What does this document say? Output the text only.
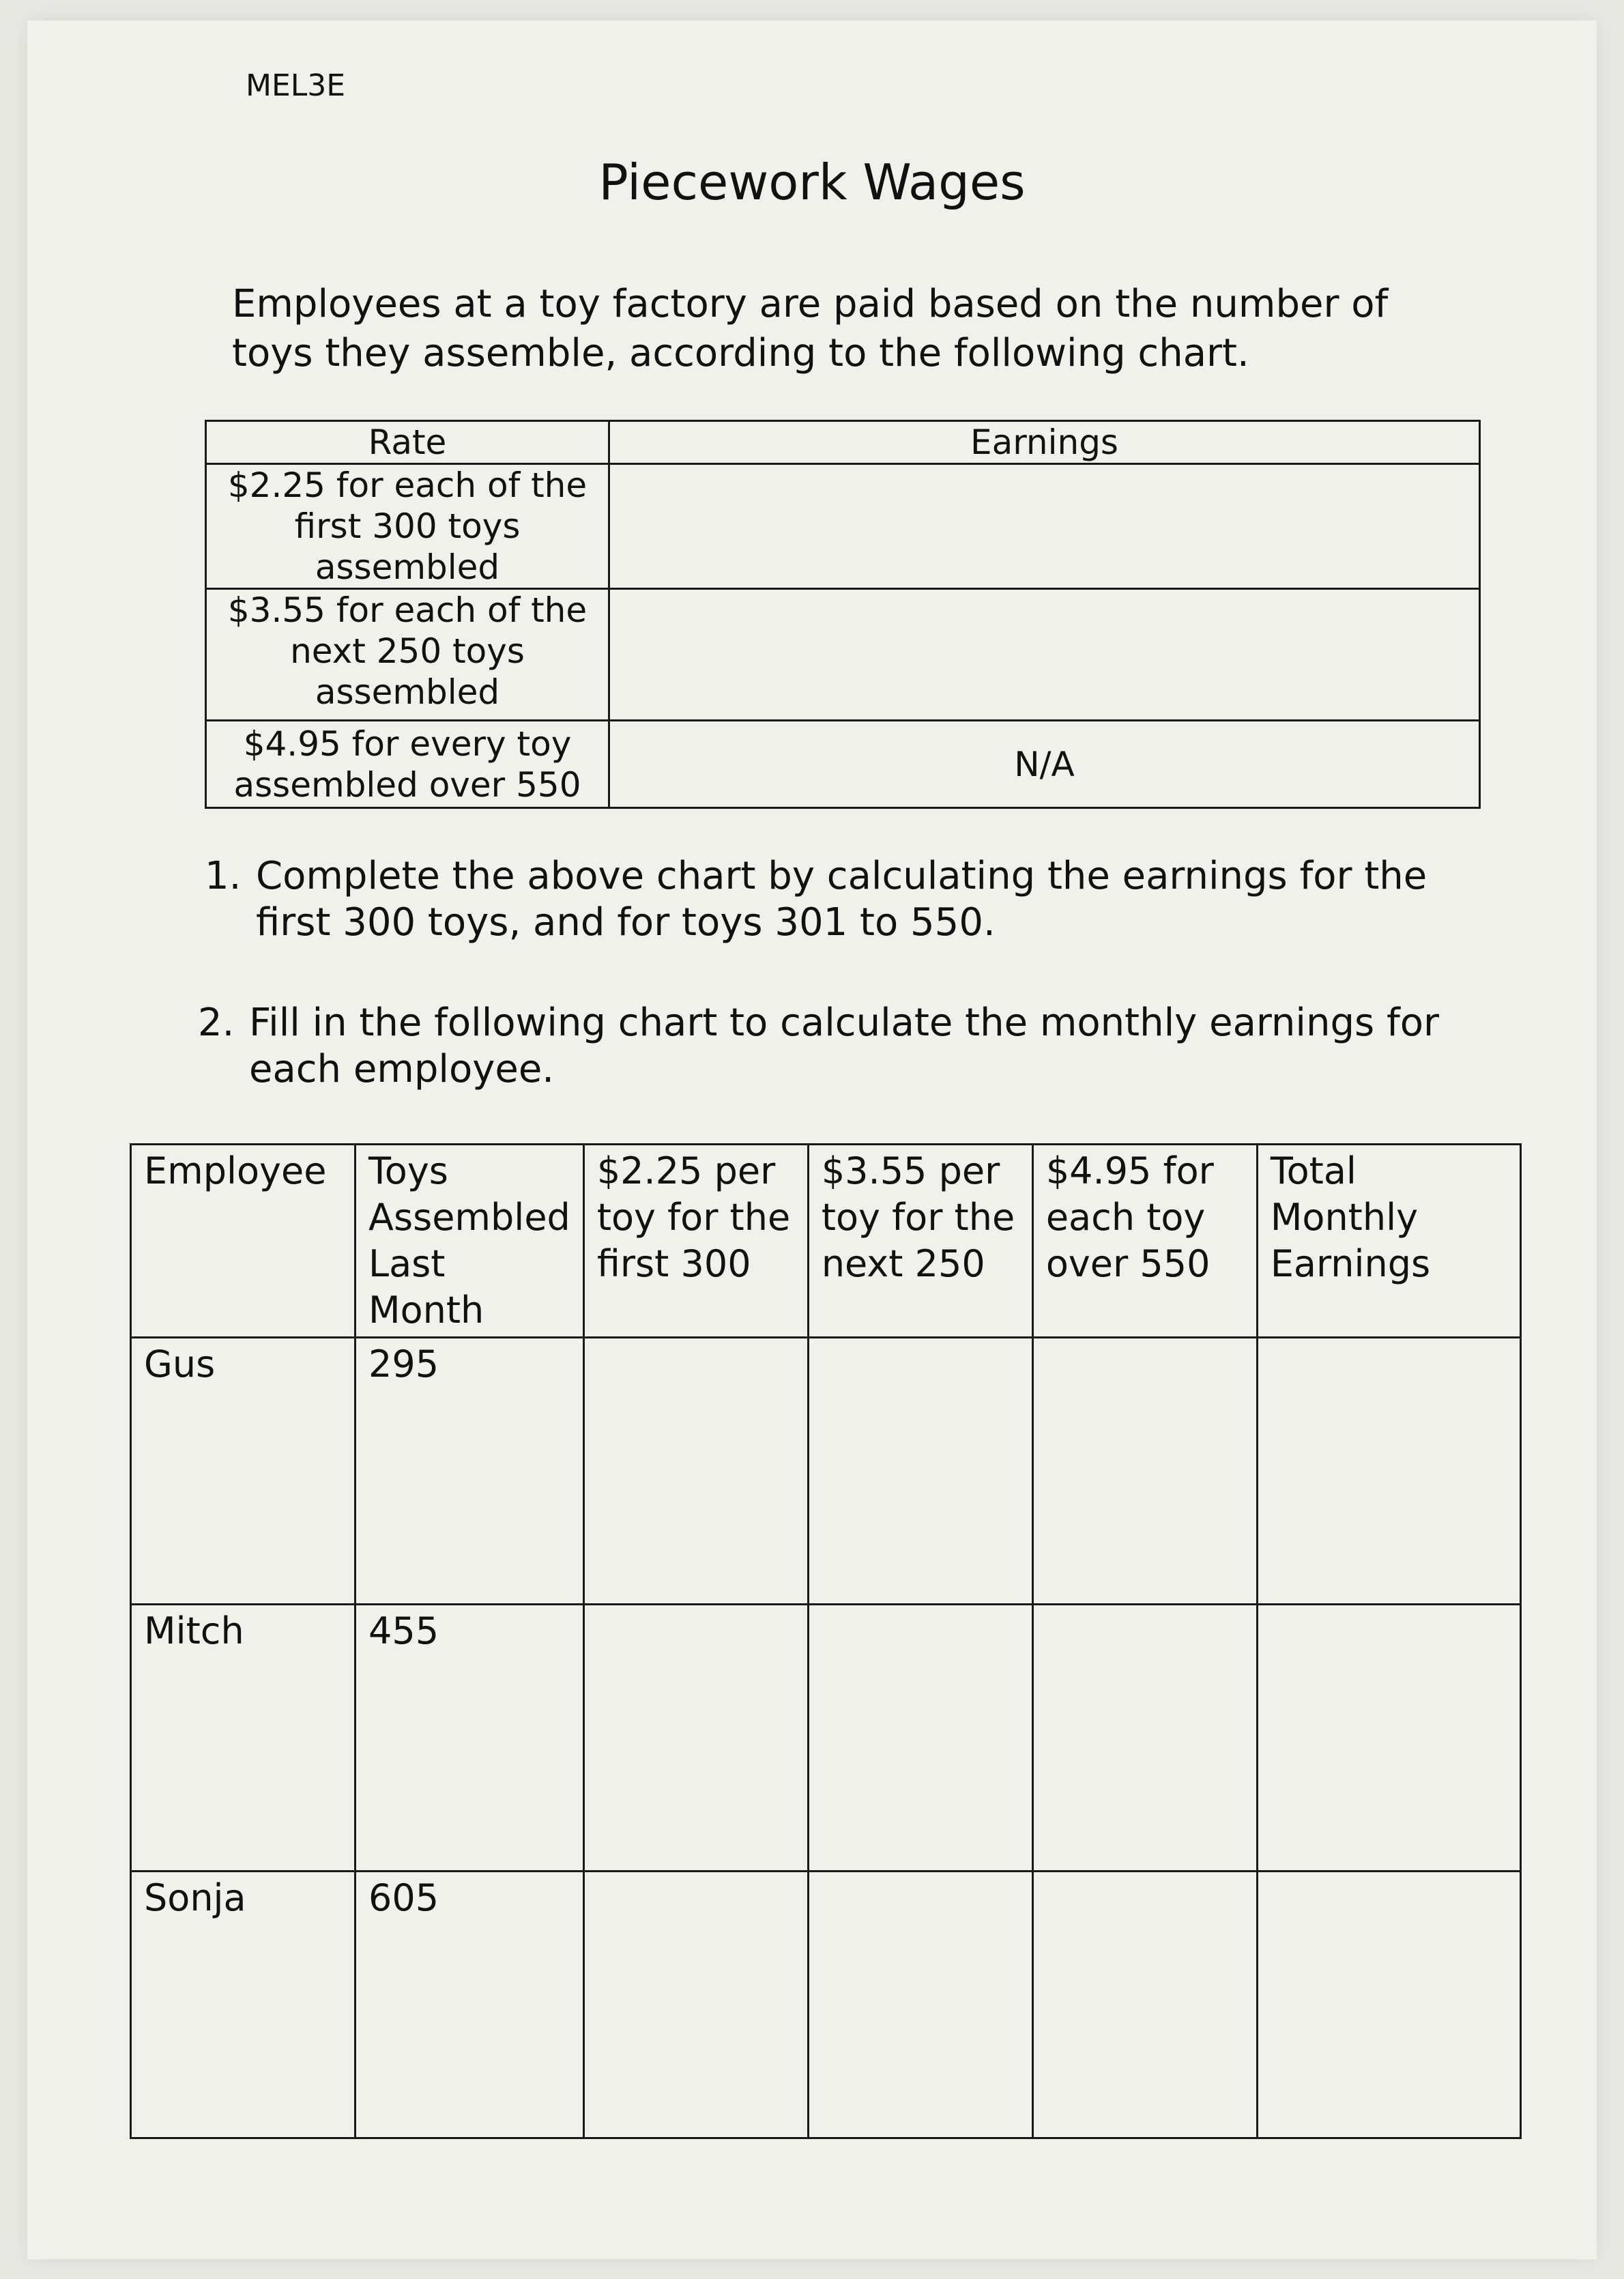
MEL3E
Piecework Wages
Employees at a toy factory are paid based on the number of toys they assemble, according to the following chart.
Rate	Earnings
$2.25 for each of the first 300 toys assembled	
$3.55 for each of the next 250 toys assembled	
$4.95 for every toy assembled over 550	N/A
1. Complete the above chart by calculating the earnings for the first 300 toys, and for toys 301 to 550.
2. Fill in the following chart to calculate the monthly earnings for each employee.
Employee	Toys Assembled Last Month	$2.25 per toy for the first 300	$3.55 per toy for the next 250	$4.95 for each toy over 550	Total Monthly Earnings
Gus	295				
Mitch	455				
Sonja	605				
